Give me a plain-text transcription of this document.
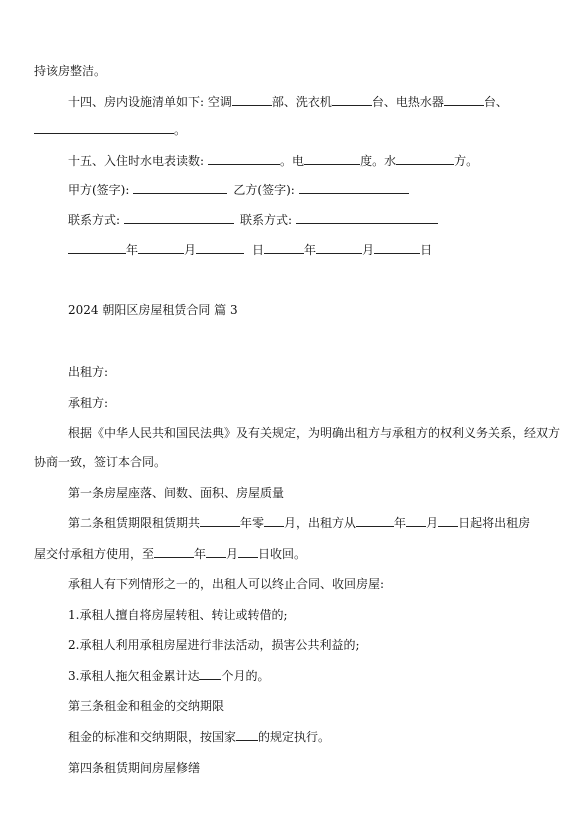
持该房整洁。
十四、房内设施清单如下: 空调	部、洗衣机	台、电热水器	台、
。
十五、入住时水电表读数:	。电	度。水	方。
甲方(签字):	乙方(签字):
联系方式:	联系方式:
年	月	日	年	月	日
2024 朝阳区房屋租赁合同 篇 3
出租方:
承租方:
根据《中华人民共和国民法典》及有关规定，为明确出租方与承租方的权利义务关系，经双方
协商一致，签订本合同。
第一条房屋座落、间数、面积、房屋质量
第二条租赁期限租赁期共	年零 月，出租方从	年 月 日起将出租房
屋交付承租方使用，至	年 月 日收回。
承租人有下列情形之一的，出租人可以终止合同、收回房屋:
1.承租人擅自将房屋转租、转让或转借的;
2.承租人利用承租房屋进行非法活动，损害公共利益的;
3.承租人拖欠租金累计达 个月的。
第三条租金和租金的交纳期限
租金的标准和交纳期限，按国家 的规定执行。
第四条租赁期间房屋修缮
